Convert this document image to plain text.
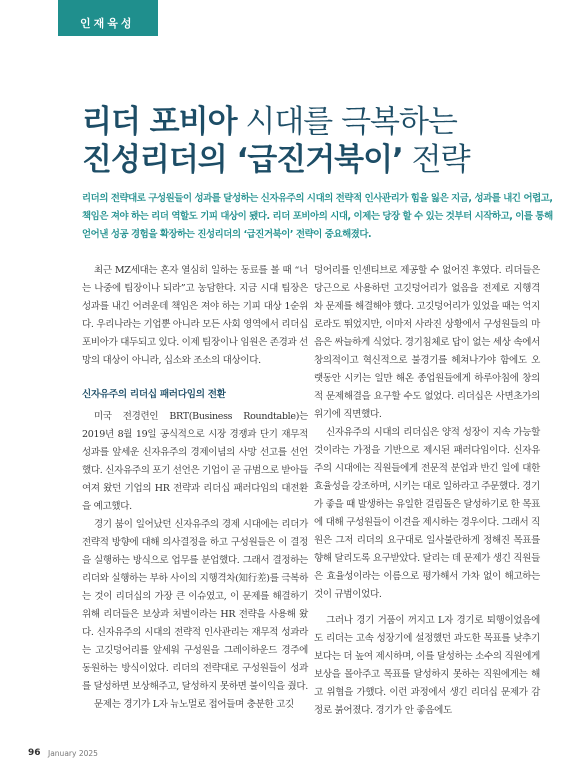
인재육성
리더 포비아 시대를 극복하는
진성리더의 ‘급진거북이’ 전략

리더의 전략대로 구성원들이 성과를 달성하는 신자유주의 시대의 전략적 인사관리가 힘을 잃은 지금, 성과를 내긴 어렵고, 책임은 져야 하는 리더 역할도 기피 대상이 됐다. 리더 포비아의 시대, 이제는 당장 할 수 있는 것부터 시작하고, 이를 통해 얻어낸 성공 경험을 확장하는 진성리더의 ‘급진거북이’ 전략이 중요해졌다.

최근 MZ세대는 혼자 열심히 일하는 동료를 볼 때 “너는 나중에 팀장이나 되라”고 농담한다. 지금 시대 팀장은 성과를 내긴 어려운데 책임은 져야 하는 기피 대상 1순위다. 우리나라는 기업뿐 아니라 모든 사회 영역에서 리더십 포비아가 대두되고 있다. 이제 팀장이나 임원은 존경과 선망의 대상이 아니라, 십소와 조소의 대상이다.

신자유주의 리더십 패러다임의 전환

미국 전경련인 BRT(Business Roundtable)는 2019년 8월 19일 공식적으로 시장 경쟁과 단기 재무적 성과를 앞세운 신자유주의 경제이념의 사망 선고를 선언했다. 신자유주의 포기 선언은 기업이 곧 규범으로 받아들여져 왔던 기업의 HR 전략과 리더십 패러다임의 대전환을 예고했다.

경기 붐이 일어났던 신자유주의 경제 시대에는 리더가 전략적 방향에 대해 의사결정을 하고 구성원들은 이 결정을 실행하는 방식으로 업무를 분업했다. 그래서 결정하는 리더와 실행하는 부하 사이의 지행격차(知行差)를 극복하는 것이 리더십의 가장 큰 이슈였고, 이 문제를 해결하기 위해 리더들은 보상과 처벌이라는 HR 전략을 사용해 왔다. 신자유주의 시대의 전략적 인사관리는 재무적 성과라는 고깃덩어리를 앞세워 구성원을 그레이하운드 경주에 동원하는 방식이었다. 리더의 전략대로 구성원들이 성과를 달성하면 보상해주고, 달성하지 못하면 불이익을 줬다.

문제는 경기가 L자 뉴노멀로 접어들며 충분한 고깃

덩어리를 인센티브로 제공할 수 없어진 후였다. 리더들은 당근으로 사용하던 고깃덩어리가 없음을 전제로 지행격차 문제를 해결해야 했다. 고깃덩어리가 있었을 때는 억지로라도 뛰었지만, 이마저 사라진 상황에서 구성원들의 마음은 싸늘하게 식었다. 경기침체로 답이 없는 세상 속에서 창의적이고 혁신적으로 불경기를 헤쳐나가야 함에도 오랫동안 시키는 일만 해온 종업원들에게 하루아침에 창의적 문제해결을 요구할 수도 없었다. 리더십은 사면초가의 위기에 직면했다.

신자유주의 시대의 리더십은 양적 성장이 지속 가능할 것이라는 가정을 기반으로 제시된 패러다임이다. 신자유주의 시대에는 직원들에게 전문적 분업과 반긴 일에 대한 효율성을 강조하며, 시키는 대로 일하라고 주문했다. 경기가 좋을 때 발생하는 유일한 걸림돌은 달성하기로 한 목표에 대해 구성원들이 이견을 제시하는 경우이다. 그래서 직원은 그저 리더의 요구대로 일사불란하게 정해진 목표를 향해 달리도록 요구받았다. 달리는 데 문제가 생긴 직원들은 효율성이라는 이름으로 평가해서 가차 없이 해고하는 것이 규범이었다.

그러나 경기 거품이 꺼지고 L자 경기로 퇴행이었음에도 리더는 고속 성장기에 설정했던 과도한 목표를 낮추기보다는 더 높여 제시하며, 이를 달성하는 소수의 직원에게 보상을 몰아주고 목표를 달성하지 못하는 직원에게는 해고 위협을 가했다. 이런 과정에서 생긴 리더십 문제가 감정로 붉어졌다. 경기가 안 좋음에도

96 January 2025
